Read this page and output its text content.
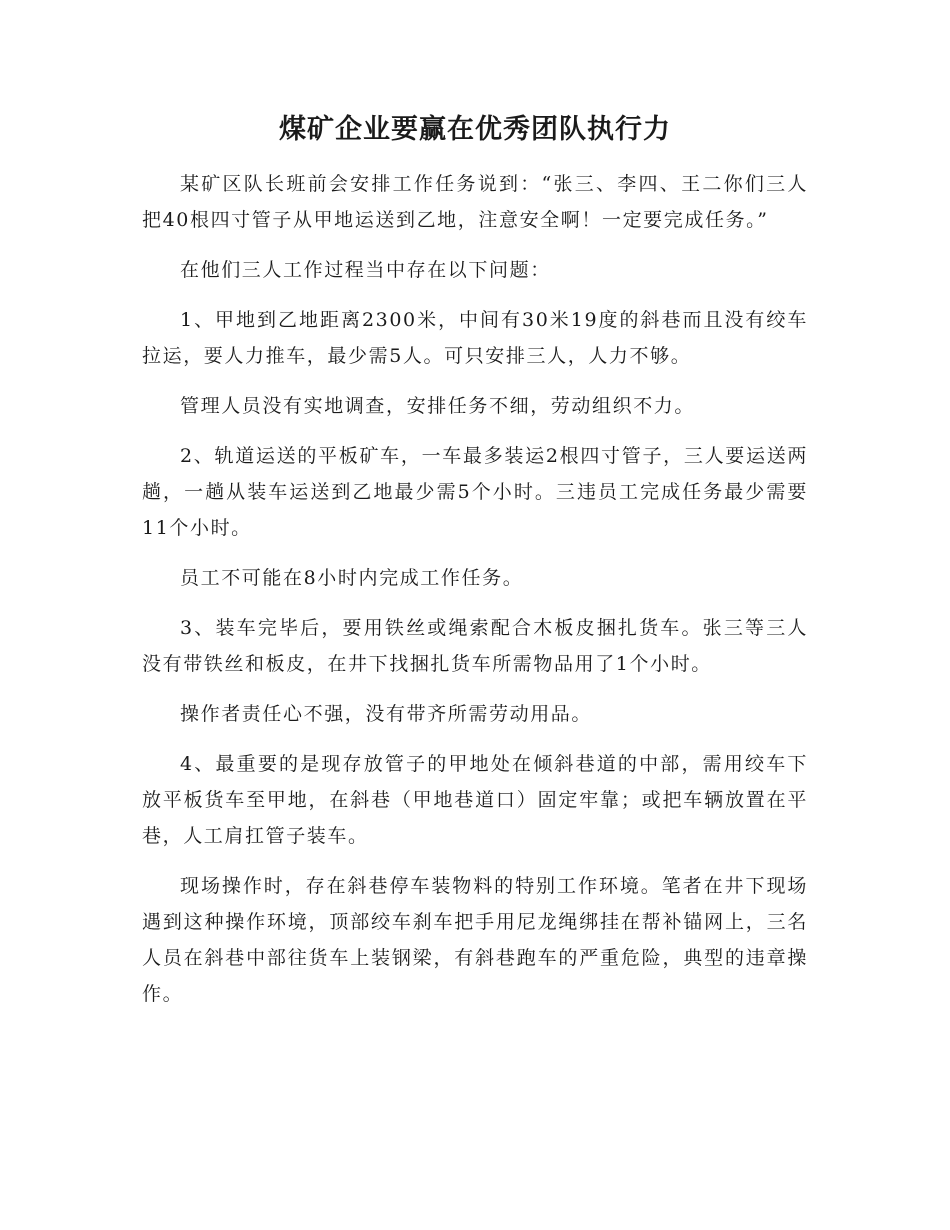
煤矿企业要赢在优秀团队执行力

某矿区队长班前会安排工作任务说到：“张三、李四、王二你们三人把40根四寸管子从甲地运送到乙地，注意安全啊！一定要完成任务。”

在他们三人工作过程当中存在以下问题：

1、甲地到乙地距离2300米，中间有30米19度的斜巷而且没有绞车拉运，要人力推车，最少需5人。可只安排三人，人力不够。

管理人员没有实地调查，安排任务不细，劳动组织不力。

2、轨道运送的平板矿车，一车最多装运2根四寸管子，三人要运送两趟，一趟从装车运送到乙地最少需5个小时。三违员工完成任务最少需要11个小时。

员工不可能在8小时内完成工作任务。

3、装车完毕后，要用铁丝或绳索配合木板皮捆扎货车。张三等三人没有带铁丝和板皮，在井下找捆扎货车所需物品用了1个小时。

操作者责任心不强，没有带齐所需劳动用品。

4、最重要的是现存放管子的甲地处在倾斜巷道的中部，需用绞车下放平板货车至甲地，在斜巷（甲地巷道口）固定牢靠；或把车辆放置在平巷，人工肩扛管子装车。

现场操作时，存在斜巷停车装物料的特别工作环境。笔者在井下现场遇到这种操作环境，顶部绞车刹车把手用尼龙绳绑挂在帮补锚网上，三名人员在斜巷中部往货车上装钢梁，有斜巷跑车的严重危险，典型的违章操作。
